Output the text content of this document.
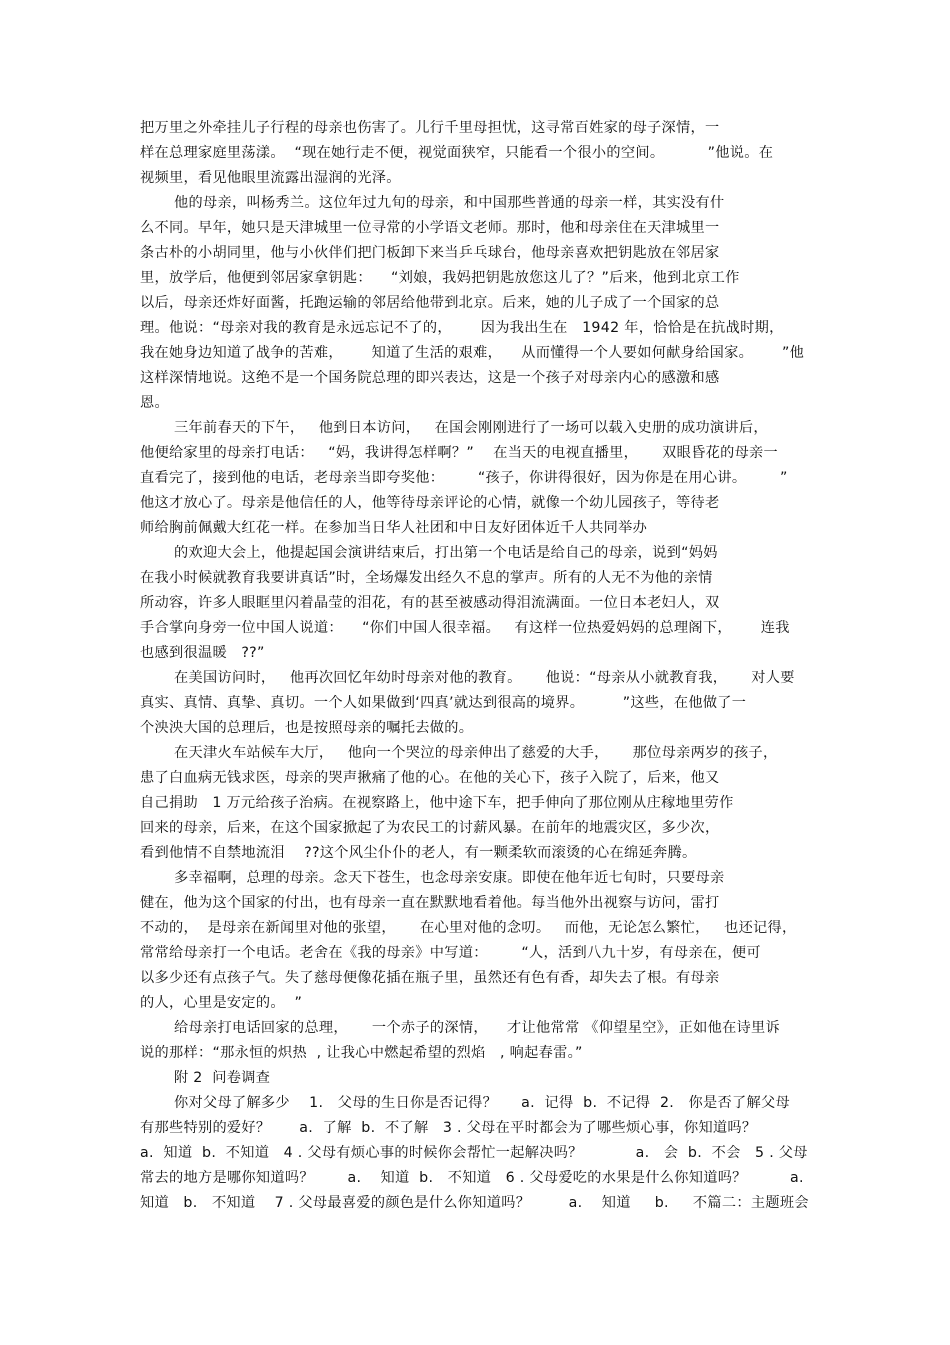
把万里之外牵挂儿子行程的母亲也伤害了。儿行千里母担忧，这寻常百姓家的母子深情，一
样在总理家庭里荡漾。  “现在她行走不便，视觉面狭窄，只能看一个很小的空间。         ”他说。在
视频里，看见他眼里流露出湿润的光泽。
他的母亲，叫杨秀兰。这位年过九旬的母亲，和中国那些普通的母亲一样，其实没有什
么不同。早年，她只是天津城里一位寻常的小学语文老师。那时，他和母亲住在天津城里一
条古朴的小胡同里，他与小伙伴们把门板卸下来当乒乓球台，他母亲喜欢把钥匙放在邻居家
里，放学后，他便到邻居家拿钥匙：    “刘娘，我妈把钥匙放您这儿了？”后来，他到北京工作
以后，母亲还炸好面酱，托跑运输的邻居给他带到北京。后来，她的儿子成了一个国家的总
理。他说：“母亲对我的教育是永远忘记不了的，      因为我出生在   1942 年，恰恰是在抗战时期，
我在她身边知道了战争的苦难，      知道了生活的艰难，    从而懂得一个人要如何献身给国家。      ”他
这样深情地说。这绝不是一个国务院总理的即兴表达，这是一个孩子对母亲内心的感激和感
恩。
三年前春天的下午，   他到日本访问，   在国会刚刚进行了一场可以载入史册的成功演讲后，
他便给家里的母亲打电话：   “妈，我讲得怎样啊？”    在当天的电视直播里，     双眼昏花的母亲一
直看完了，接到他的电话，老母亲当即夸奖他：       “孩子，你讲得很好，因为你是在用心讲。       ”
他这才放心了。母亲是他信任的人，他等待母亲评论的心情，就像一个幼儿园孩子，等待老
师给胸前佩戴大红花一样。在参加当日华人社团和中日友好团体近千人共同举办
的欢迎大会上，他提起国会演讲结束后，打出第一个电话是给自己的母亲，说到“妈妈
在我小时候就教育我要讲真话”时，全场爆发出经久不息的掌声。所有的人无不为他的亲情
所动容，许多人眼眶里闪着晶莹的泪花，有的甚至被感动得泪流满面。一位日本老妇人，双
手合掌向身旁一位中国人说道：    “你们中国人很幸福。   有这样一位热爱妈妈的总理阁下，      连我
也感到很温暖   ??”
在美国访问时，   他再次回忆年幼时母亲对他的教育。     他说：“母亲从小就教育我，     对人要
真实、真情、真挚、真切。一个人如果做到‘四真’就达到很高的境界。        ”这些，在他做了一
个泱泱大国的总理后，也是按照母亲的嘱托去做的。
在天津火车站候车大厅，   他向一个哭泣的母亲伸出了慈爱的大手，     那位母亲两岁的孩子，
患了白血病无钱求医，母亲的哭声揪痛了他的心。在他的关心下，孩子入院了，后来，他又
自己捐助   1 万元给孩子治病。在视察路上，他中途下车，把手伸向了那位刚从庄稼地里劳作
回来的母亲，后来，在这个国家掀起了为农民工的讨薪风暴。在前年的地震灾区，多少次，
看到他情不自禁地流泪    ??这个风尘仆仆的老人，有一颗柔软而滚烫的心在绵延奔腾。
多幸福啊，总理的母亲。念天下苍生，也念母亲安康。即使在他年近七旬时，只要母亲
健在，他为这个国家的付出，也有母亲一直在默默地看着他。每当他外出视察与访问，雷打
不动的，  是母亲在新闻里对他的张望，     在心里对他的念叨。   而他，无论怎么繁忙，   也还记得，
常常给母亲打一个电话。老舍在《我的母亲》中写道：       “人，活到八九十岁，有母亲在，便可
以多少还有点孩子气。失了慈母便像花插在瓶子里，虽然还有色有香，却失去了根。有母亲
的人，心里是安定的。  ”
给母亲打电话回家的总理，     一个赤子的深情，    才让他常常 《仰望星空》，正如他在诗里诉
说的那样：“那永恒的炽热  , 让我心中燃起希望的烈焰   , 响起春雷。”
附 2  问卷调查
你对父母了解多少    1.   父母的生日你是否记得？     a.  记得  b.  不记得  2.   你是否了解父母
有那些特别的爱好？      a.  了解  b.  不了解   3 . 父母在平时都会为了哪些烦心事，你知道吗？
a.  知道  b.  不知道   4 . 父母有烦心事的时候你会帮忙一起解决吗？           a.   会  b.  不会   5 . 父母
常去的地方是哪你知道吗？       a.    知道  b.   不知道   6 . 父母爱吃的水果是什么你知道吗？         a.
知道   b.   不知道    7 . 父母最喜爱的颜色是什么你知道吗？        a.    知道     b.     不篇二：主题班会
